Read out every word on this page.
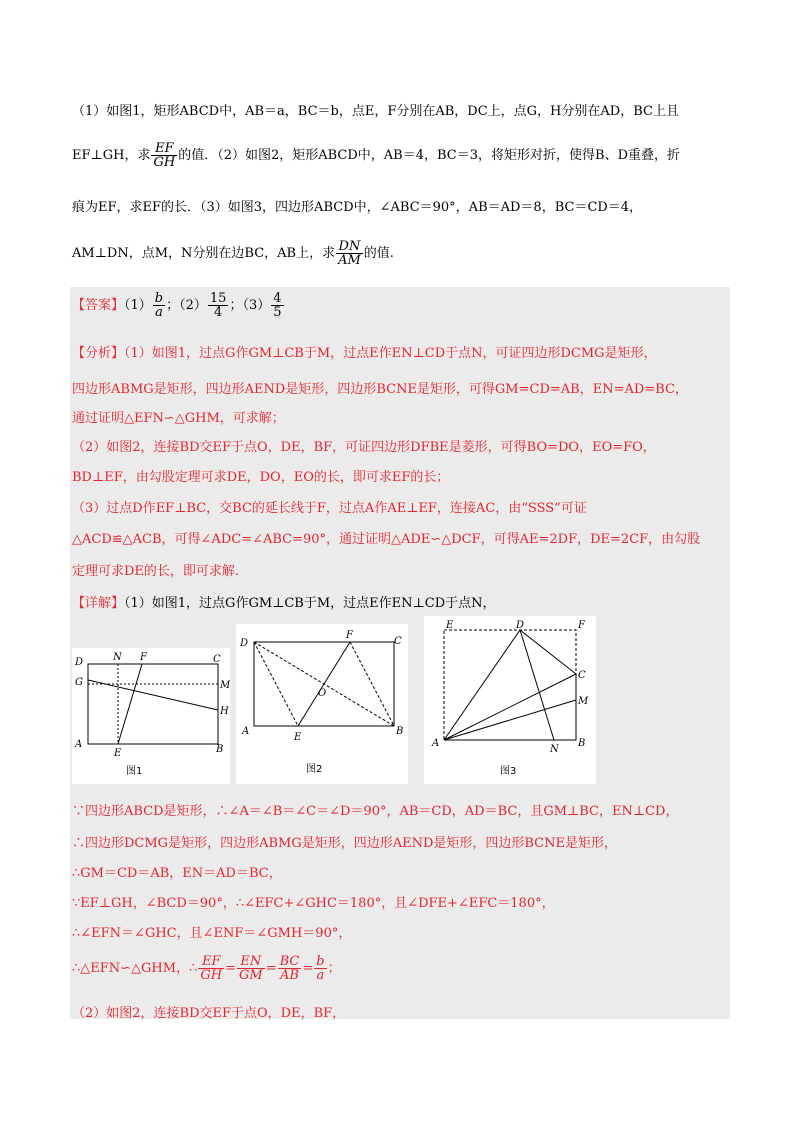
（1）如图1，矩形ABCD中，AB＝a，BC＝b，点E，F分别在AB，DC上，点G，H分别在AD，BC上且
EF⊥GH，求 $\frac{EF}{GH}$ 的值．（2）如图2，矩形ABCD中，AB＝4，BC＝3，将矩形对折，使得B、D重叠，折
痕为EF，求EF的长．（3）如图3，四边形ABCD中，∠ABC＝90°，AB＝AD＝8，BC＝CD＝4，
AM⊥DN，点M，N分别在边BC，AB上，求 $\frac{DN}{AM}$ 的值.
【答案】$(1) \frac{b}{a}$ ；$(2) \frac{15}{4}$ ；$(3) \frac{4}{5}$
【分析】（1）如图1，过点G作GM⊥CB于M，过点E作EN⊥CD于点N，可证四边形DCMG是矩形，
四边形ABMG是矩形，四边形AEND是矩形，四边形BCNE是矩形，可得GM=CD=AB，EN=AD=BC，
通过证明△EFN∽△GHM，可求解；
（2）如图2，连接BD交EF于点O，DE，BF，可证四边形DFBE是菱形，可得BO=DO，EO=FO，
BD⊥EF，由勾股定理可求DE，DO，EO的长，即可求EF的长；
（3）过点D作EF⊥BC，交BC的延长线于F，过点A作AE⊥EF，连接AC，由“SSS”可证
△ACD≌△ACB，可得∠ADC=∠ABC=90°，通过证明△ADE∽△DCF，可得AE=2DF，DE=2CF，由勾股
定理可求DE的长，即可求解.
【详解】（1）如图1，过点G作GM⊥CB于M，过点E作EN⊥CD于点N，
D	N F	C
G	M
H
A
E	B
图1
D
F
C
O
A
E
B
图2
E	D	F
C
M
A
N
B
图3
∵四边形ABCD是矩形，∴∠A＝∠B＝∠C＝∠D＝90°，AB＝CD，AD＝BC，且GM⊥BC，EN⊥CD，
∴四边形DCMG是矩形，四边形ABMG是矩形，四边形AEND是矩形，四边形BCNE是矩形，
∴GM＝CD＝AB，EN＝AD＝BC，
∵EF⊥GH，∠BCD＝90°，∴∠EFC+∠GHC＝180°，且∠DFE+∠EFC＝180°，
∴∠EFN＝∠GHC，且∠ENF＝∠GMH＝90°，
∴△EFN∽△GHM，∴ $\frac{EF}{GH} = \frac{EN}{GM} = \frac{BC}{AB} = \frac{b}{a}$ ；
（2）如图2，连接BD交EF于点O，DE，BF，
